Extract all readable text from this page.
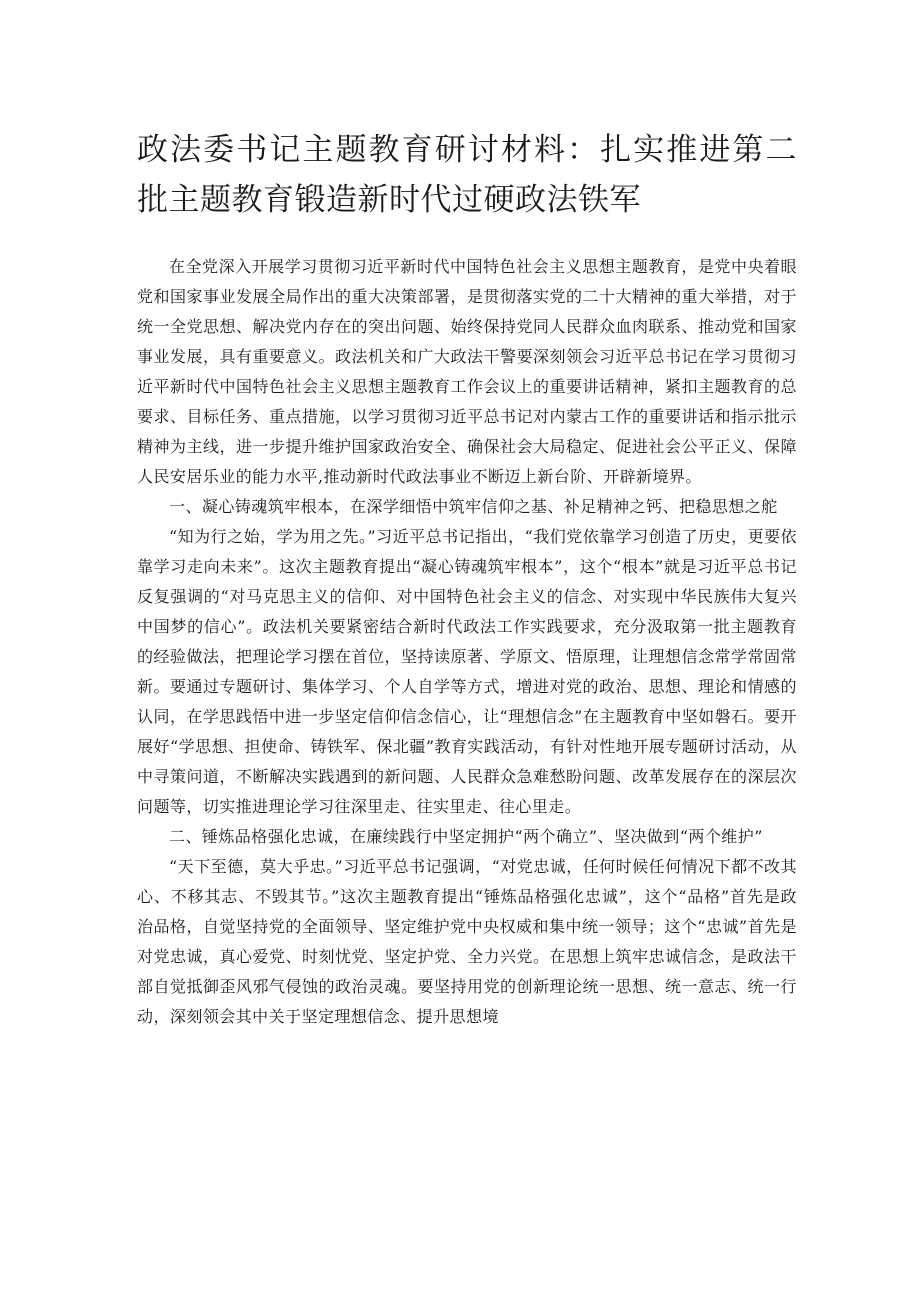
政法委书记主题教育研讨材料：扎实推进第二批主题教育锻造新时代过硬政法铁军

在全党深入开展学习贯彻习近平新时代中国特色社会主义思想主题教育，是党中央着眼党和国家事业发展全局作出的重大决策部署，是贯彻落实党的二十大精神的重大举措，对于统一全党思想、解决党内存在的突出问题、始终保持党同人民群众血肉联系、推动党和国家事业发展，具有重要意义。政法机关和广大政法干警要深刻领会习近平总书记在学习贯彻习近平新时代中国特色社会主义思想主题教育工作会议上的重要讲话精神，紧扣主题教育的总要求、目标任务、重点措施，以学习贯彻习近平总书记对内蒙古工作的重要讲话和指示批示精神为主线，进一步提升维护国家政治安全、确保社会大局稳定、促进社会公平正义、保障人民安居乐业的能力水平,推动新时代政法事业不断迈上新台阶、开辟新境界。

一、凝心铸魂筑牢根本，在深学细悟中筑牢信仰之基、补足精神之钙、把稳思想之舵

“知为行之始，学为用之先。”习近平总书记指出，“我们党依靠学习创造了历史，更要依靠学习走向未来”。这次主题教育提出“凝心铸魂筑牢根本”，这个“根本”就是习近平总书记反复强调的“对马克思主义的信仰、对中国特色社会主义的信念、对实现中华民族伟大复兴中国梦的信心”。政法机关要紧密结合新时代政法工作实践要求，充分汲取第一批主题教育的经验做法，把理论学习摆在首位，坚持读原著、学原文、悟原理，让理想信念常学常固常新。要通过专题研讨、集体学习、个人自学等方式，增进对党的政治、思想、理论和情感的认同，在学思践悟中进一步坚定信仰信念信心，让“理想信念”在主题教育中坚如磐石。要开展好“学思想、担使命、铸铁军、保北疆”教育实践活动，有针对性地开展专题研讨活动，从中寻策问道，不断解决实践遇到的新问题、人民群众急难愁盼问题、改革发展存在的深层次问题等，切实推进理论学习往深里走、往实里走、往心里走。

二、锤炼品格强化忠诚，在廉续践行中坚定拥护“两个确立”、坚决做到“两个维护”

“天下至德，莫大乎忠。”习近平总书记强调，“对党忠诚，任何时候任何情况下都不改其心、不移其志、不毁其节。”这次主题教育提出“锤炼品格强化忠诚”，这个“品格”首先是政治品格，自觉坚持党的全面领导、坚定维护党中央权威和集中统一领导；这个“忠诚”首先是对党忠诚，真心爱党、时刻忧党、坚定护党、全力兴党。在思想上筑牢忠诚信念，是政法干部自觉抵御歪风邪气侵蚀的政治灵魂。要坚持用党的创新理论统一思想、统一意志、统一行动，深刻领会其中关于坚定理想信念、提升思想境
